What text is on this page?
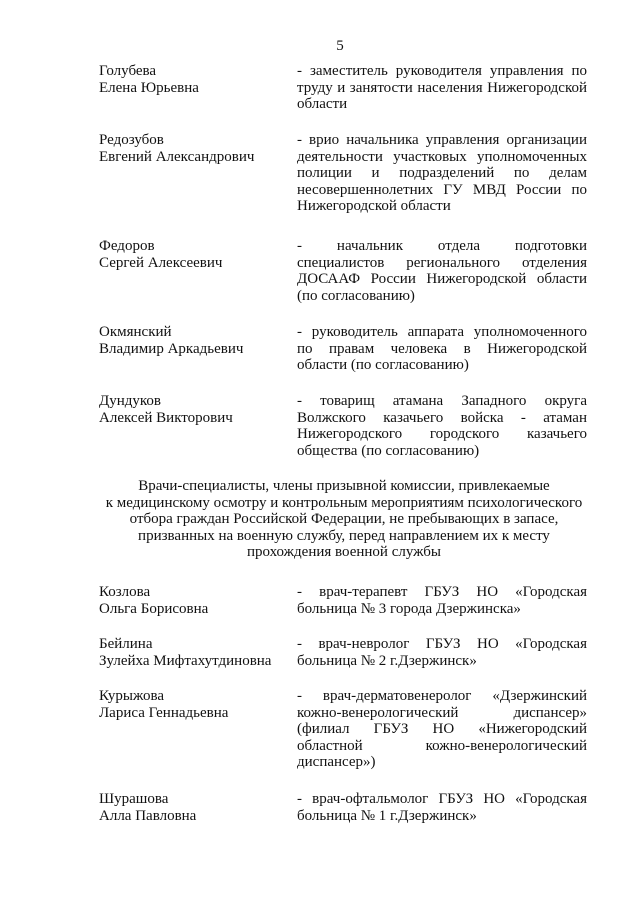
5
Голубева
Елена Юрьевна
- заместитель руководителя управления по
труду и занятости населения Нижегородской
области
Редозубов
Евгений Александрович
- врио начальника управления организации
деятельности участковых уполномоченных
полиции и подразделений по делам
несовершеннолетних ГУ МВД России по
Нижегородской области
Федоров
Сергей Алексеевич
- начальник отдела подготовки
специалистов регионального отделения
ДОСААФ России Нижегородской области
(по согласованию)
Окмянский
Владимир Аркадьевич
- руководитель аппарата уполномоченного
по правам человека в Нижегородской
области (по согласованию)
Дундуков
Алексей Викторович
- товарищ атамана Западного округа
Волжского казачьего войска - атаман
Нижегородского городского казачьего
общества (по согласованию)
Врачи-специалисты, члены призывной комиссии, привлекаемые
к медицинскому осмотру и контрольным мероприятиям психологического
отбора граждан Российской Федерации, не пребывающих в запасе,
призванных на военную службу, перед направлением их к месту
прохождения военной службы
Козлова
Ольга Борисовна
- врач-терапевт ГБУЗ НО «Городская
больница № 3 города Дзержинска»
Бейлина
Зулейха Мифтахутдиновна
- врач-невролог ГБУЗ НО «Городская
больница № 2 г.Дзержинск»
Курыжова
Лариса Геннадьевна
- врач-дерматовенеролог «Дзержинский
кожно-венерологический диспансер»
(филиал ГБУЗ НО «Нижегородский
областной кожно-венерологический
диспансер»)
Шурашова
Алла Павловна
- врач-офтальмолог ГБУЗ НО «Городская
больница № 1 г.Дзержинск»
